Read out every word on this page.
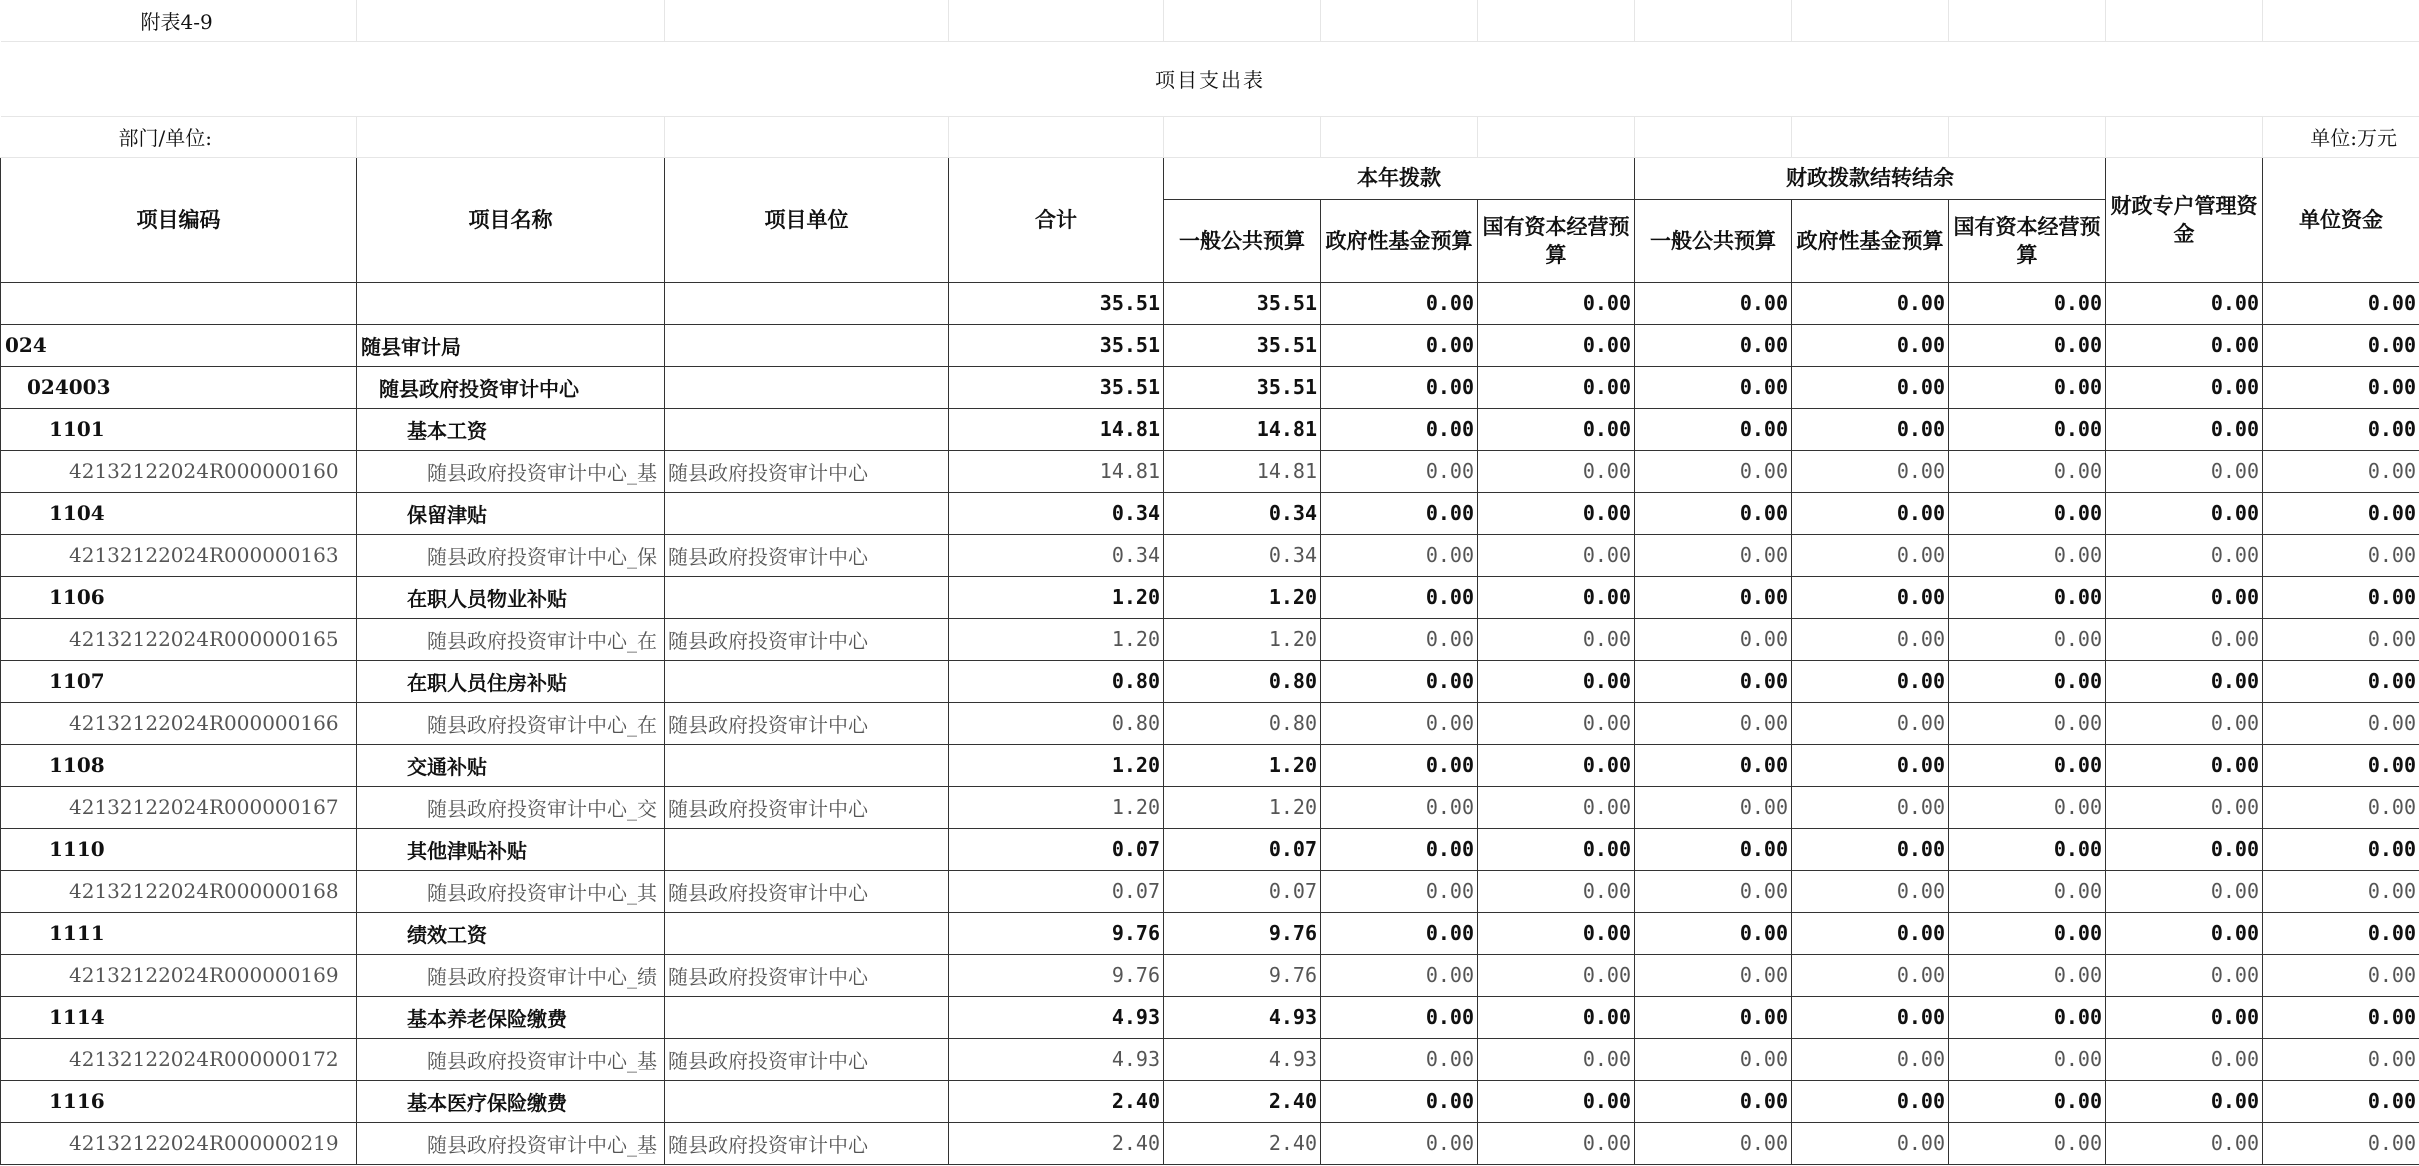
附表4-9											
项目支出表											
部门/单位:											单位:万元
项目编码	项目名称	项目单位	合计	本年拨款			财政拨款结转结余			财政专户管理资金	单位资金
				一般公共预算	政府性基金预算	国有资本经营预算	一般公共预算	政府性基金预算	国有资本经营预算		
			35.51	35.51	0.00	0.00	0.00	0.00	0.00	0.00	0.00
024	随县审计局		35.51	35.51	0.00	0.00	0.00	0.00	0.00	0.00	0.00
024003	随县政府投资审计中心		35.51	35.51	0.00	0.00	0.00	0.00	0.00	0.00	0.00
1101	基本工资		14.81	14.81	0.00	0.00	0.00	0.00	0.00	0.00	0.00
42132122024R000000160	随县政府投资审计中心_基	随县政府投资审计中心	14.81	14.81	0.00	0.00	0.00	0.00	0.00	0.00	0.00
1104	保留津贴		0.34	0.34	0.00	0.00	0.00	0.00	0.00	0.00	0.00
42132122024R000000163	随县政府投资审计中心_保	随县政府投资审计中心	0.34	0.34	0.00	0.00	0.00	0.00	0.00	0.00	0.00
1106	在职人员物业补贴		1.20	1.20	0.00	0.00	0.00	0.00	0.00	0.00	0.00
42132122024R000000165	随县政府投资审计中心_在	随县政府投资审计中心	1.20	1.20	0.00	0.00	0.00	0.00	0.00	0.00	0.00
1107	在职人员住房补贴		0.80	0.80	0.00	0.00	0.00	0.00	0.00	0.00	0.00
42132122024R000000166	随县政府投资审计中心_在	随县政府投资审计中心	0.80	0.80	0.00	0.00	0.00	0.00	0.00	0.00	0.00
1108	交通补贴		1.20	1.20	0.00	0.00	0.00	0.00	0.00	0.00	0.00
42132122024R000000167	随县政府投资审计中心_交	随县政府投资审计中心	1.20	1.20	0.00	0.00	0.00	0.00	0.00	0.00	0.00
1110	其他津贴补贴		0.07	0.07	0.00	0.00	0.00	0.00	0.00	0.00	0.00
42132122024R000000168	随县政府投资审计中心_其	随县政府投资审计中心	0.07	0.07	0.00	0.00	0.00	0.00	0.00	0.00	0.00
1111	绩效工资		9.76	9.76	0.00	0.00	0.00	0.00	0.00	0.00	0.00
42132122024R000000169	随县政府投资审计中心_绩	随县政府投资审计中心	9.76	9.76	0.00	0.00	0.00	0.00	0.00	0.00	0.00
1114	基本养老保险缴费		4.93	4.93	0.00	0.00	0.00	0.00	0.00	0.00	0.00
42132122024R000000172	随县政府投资审计中心_基	随县政府投资审计中心	4.93	4.93	0.00	0.00	0.00	0.00	0.00	0.00	0.00
1116	基本医疗保险缴费		2.40	2.40	0.00	0.00	0.00	0.00	0.00	0.00	0.00
42132122024R000000219	随县政府投资审计中心_基	随县政府投资审计中心	2.40	2.40	0.00	0.00	0.00	0.00	0.00	0.00	0.00
